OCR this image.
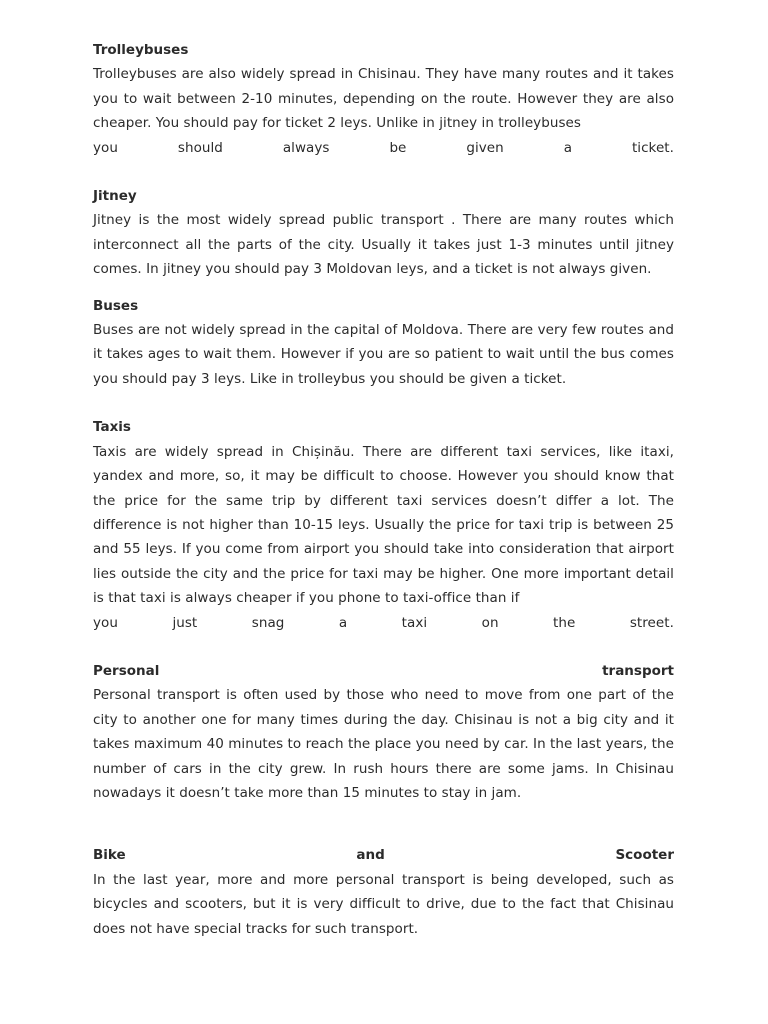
Trolleybuses

Trolleybuses are also widely spread in Chisinau. They have many routes and it takes you to wait between 2-10 minutes, depending on the route. However they are also cheaper. You should pay for ticket 2 leys. Unlike in jitney in trolleybuses
you	should	always	be	given	a	ticket.

Jitney

Jitney is the most widely spread public transport . There are many routes which interconnect all the parts of the city. Usually it takes just 1-3 minutes until jitney comes. In jitney you should pay 3 Moldovan leys, and a ticket is not always given.

Buses

Buses are not widely spread in the capital of Moldova. There are very few routes and it takes ages to wait them. However if you are so patient to wait until the bus comes you should pay 3 leys. Like in trolleybus you should be given a ticket.

Taxis

Taxis are widely spread in Chișinău. There are different taxi services, like itaxi, yandex and more, so, it may be difficult to choose. However you should know that the price for the same trip by different taxi services doesn’t differ a lot. The difference is not higher than 10-15 leys. Usually the price for taxi trip is between 25 and 55 leys. If you come from airport you should take into consideration that airport lies outside the city and the price for taxi may be higher. One more important detail is that taxi is always cheaper if you phone to taxi-office than if
you	just	snag	a	taxi	on	the	street.

Personal	transport

Personal transport is often used by those who need to move from one part of the city to another one for many times during the day. Chisinau is not a big city and it takes maximum 40 minutes to reach the place you need by car. In the last years, the number of cars in the city grew. In rush hours there are some jams. In Chisinau nowadays it doesn’t take more than 15 minutes to stay in jam.

Bike	and	Scooter

In the last year, more and more personal transport is being developed, such as bicycles and scooters, but it is very difficult to drive, due to the fact that Chisinau does not have special tracks for such transport.
